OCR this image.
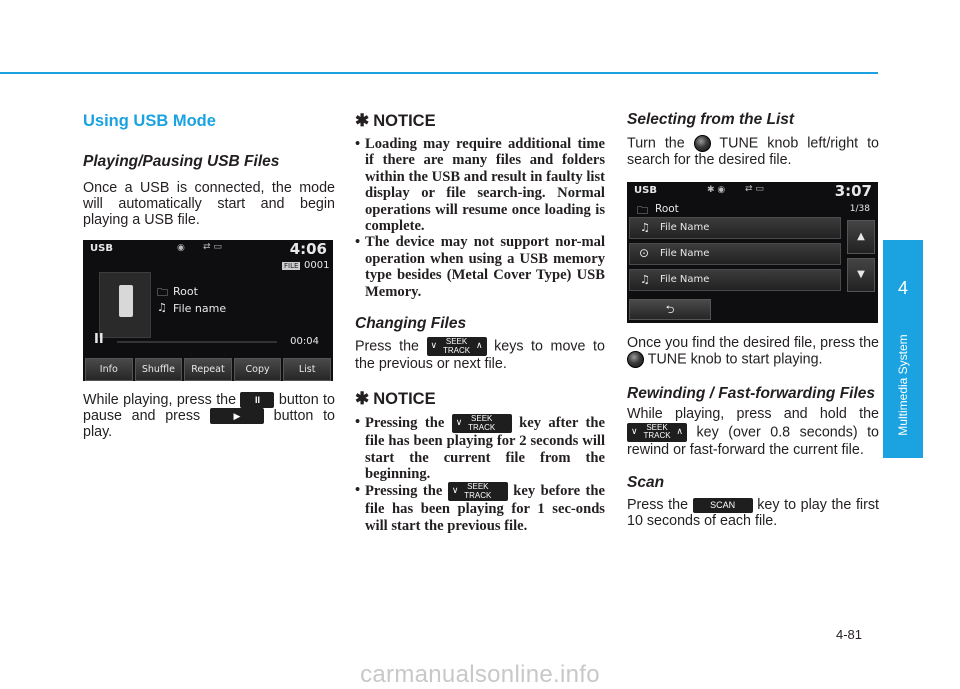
Using USB Mode
Playing/Pausing USB Files

Once a USB is connected, the mode will automatically start and begin playing a USB file.

USB	◉ ⇄ ▭	4:06
FILE 0001
🗀 Root
♫ File name
II	00:04
Info	Shuffle	Repeat	Copy	List

While playing, press the II button to pause and press	▶ button to play.

✱ NOTICE
• Loading may require additional time if there are many files and folders within the USB and result in faulty list display or file search-ing. Normal operations will resume once loading is complete.
• The device may not support nor-mal operation when using a USB memory type besides (Metal Cover Type) USB Memory.
Changing Files

Press the ∨	SEEK
TRACK ∧ keys to move to the previous or next file.

✱ NOTICE
• Pressing the ∨	SEEK
TRACK	key after the file has been playing for 2 seconds will start the current file from the beginning.
• Pressing the ∨	SEEK
TRACK	key before the file has been playing for 1 sec-onds will start the previous file.
Selecting from the List

Turn the TUNE knob left/right to search for the desired file.

USB	✱ ◉ ⇄ ▭	3:07
🗀 Root	1/38
♫ File Name
⊙ File Name
♫ File Name
▲
▼
⮌

Once you find the desired file, press the  TUNE knob to start playing.

Rewinding / Fast-forwarding Files

While playing, press and hold the
∨	SEEK
TRACK ∧ key (over 0.8 seconds) to rewind or fast-forward the current file.

Scan

Press the SCAN key to play the first 10 seconds of each file.

4
Multimedia System
4-81
carmanualsonline.info
